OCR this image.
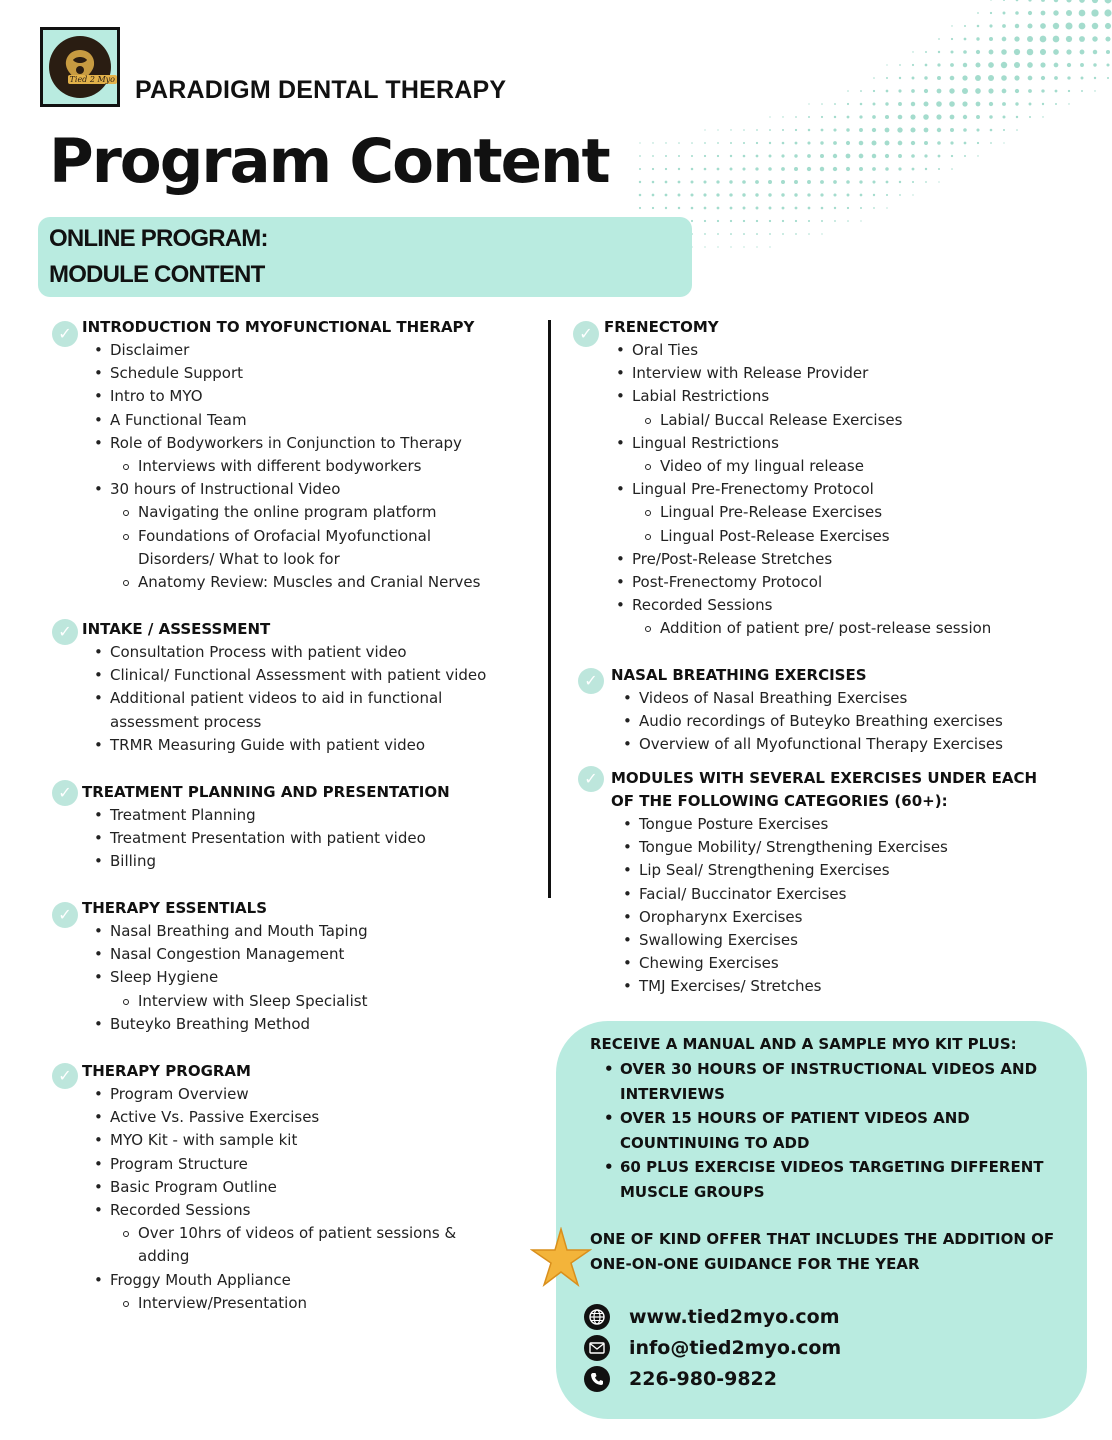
Tied 2 Myo PARADIGM DENTAL THERAPY
Program Content
ONLINE PROGRAM:
MODULE CONTENT
✓ INTRODUCTION TO MYOFUNCTIONAL THERAPY

• Disclaimer
• Schedule Support
• Intro to MYO
• A Functional Team
• Role of Bodyworkers in Conjunction to Therapy
Interviews with different bodyworkers
• 30 hours of Instructional Video
Navigating the online program platform
Foundations of Orofacial Myofunctional Disorders/ What to look for
Anatomy Review: Muscles and Cranial Nerves
✓ INTAKE / ASSESSMENT

• Consultation Process with patient video
• Clinical/ Functional Assessment with patient video
• Additional patient videos to aid in functional assessment process
• TRMR Measuring Guide with patient video
✓ TREATMENT PLANNING AND PRESENTATION

• Treatment Planning
• Treatment Presentation with patient video
• Billing
✓ THERAPY ESSENTIALS

• Nasal Breathing and Mouth Taping
• Nasal Congestion Management
• Sleep Hygiene
Interview with Sleep Specialist
• Buteyko Breathing Method
✓ THERAPY PROGRAM

• Program Overview
• Active Vs. Passive Exercises
• MYO Kit - with sample kit
• Program Structure
• Basic Program Outline
• Recorded Sessions
Over 10hrs of videos of patient sessions & adding
• Froggy Mouth Appliance
Interview/Presentation
✓ FRENECTOMY

• Oral Ties
• Interview with Release Provider
• Labial Restrictions
Labial/ Buccal Release Exercises
• Lingual Restrictions
Video of my lingual release
• Lingual Pre-Frenectomy Protocol
Lingual Pre-Release Exercises
Lingual Post-Release Exercises
• Pre/Post-Release Stretches
• Post-Frenectomy Protocol
• Recorded Sessions
Addition of patient pre/ post-release session
✓ NASAL BREATHING EXERCISES

• Videos of Nasal Breathing Exercises
• Audio recordings of Buteyko Breathing exercises
• Overview of all Myofunctional Therapy Exercises
✓ MODULES WITH SEVERAL EXERCISES UNDER EACH OF THE FOLLOWING CATEGORIES (60+):

• Tongue Posture Exercises
• Tongue Mobility/ Strengthening Exercises
• Lip Seal/ Strengthening Exercises
• Facial/ Buccinator Exercises
• Oropharynx Exercises
• Swallowing Exercises
• Chewing Exercises
• TMJ Exercises/ Stretches

RECEIVE A MANUAL AND A SAMPLE MYO KIT PLUS:

• OVER 30 HOURS OF INSTRUCTIONAL VIDEOS AND INTERVIEWS
• OVER 15 HOURS OF PATIENT VIDEOS AND COUNTINUING TO ADD
• 60 PLUS EXERCISE VIDEOS TARGETING DIFFERENT MUSCLE GROUPS

ONE OF KIND OFFER THAT INCLUDES THE ADDITION OF ONE-ON-ONE GUIDANCE FOR THE YEAR

www.tied2myo.com
info@tied2myo.com
226-980-9822
